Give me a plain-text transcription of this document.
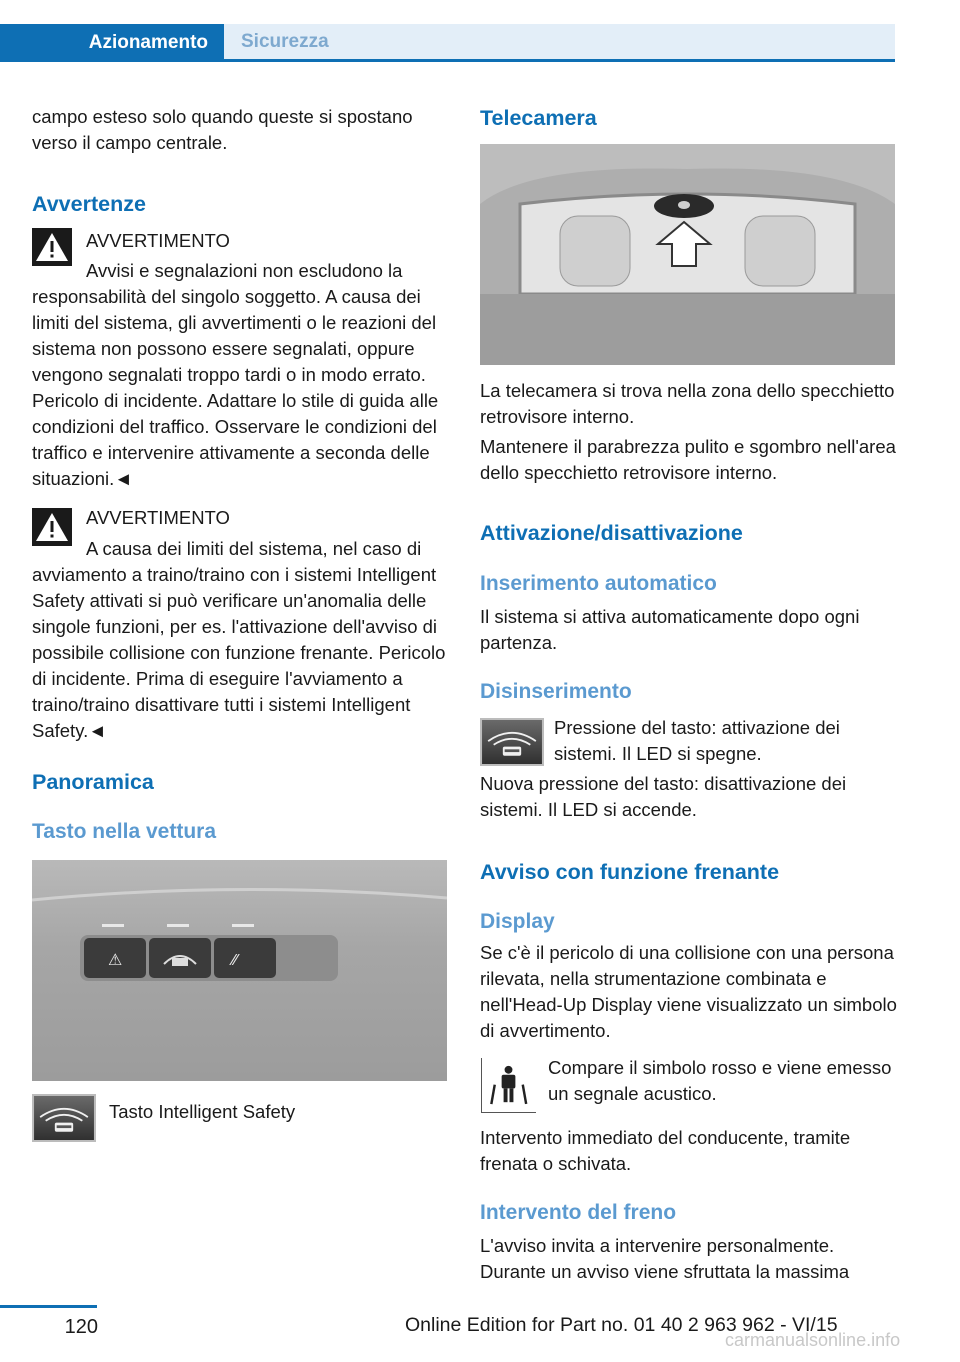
Azionamento	Sicurezza

campo esteso solo quando queste si spostano verso il campo centrale.

Avvertenze
AVVERTIMENTO

Avvisi e segnalazioni non escludono la responsabilità del singolo soggetto. A causa dei limiti del sistema, gli avvertimenti o le reazioni del sistema non possono essere segnalati, oppure vengono segnalati troppo tardi o in modo errato. Pericolo di incidente. Adattare lo stile di guida alle condizioni del traffico. Osservare le condizioni del traffico e intervenire attivamente a seconda delle situazioni.◄

AVVERTIMENTO

A causa dei limiti del sistema, nel caso di avviamento a traino/traino con i sistemi Intelligent Safety attivati si può verificare un'anomalia delle singole funzioni, per es. l'attivazione dell'avviso di possibile collisione con funzione frenante. Pericolo di incidente. Prima di eseguire l'avviamento a traino/traino disattivare tutti i sistemi Intelligent Safety.◄

Panoramica
Tasto nella vettura
⚠	⁄⁄
Tasto Intelligent Safety
Telecamera

La telecamera si trova nella zona dello specchietto retrovisore interno.

Mantenere il parabrezza pulito e sgombro nell'area dello specchietto retrovisore interno.

Attivazione/disattivazione
Inserimento automatico

Il sistema si attiva automaticamente dopo ogni partenza.

Disinserimento

Pressione del tasto: attivazione dei sistemi. Il LED si spegne.

Nuova pressione del tasto: disattivazione dei sistemi. Il LED si accende.

Avviso con funzione frenante
Display

Se c'è il pericolo di una collisione con una persona rilevata, nella strumentazione combinata e nell'Head-Up Display viene visualizzato un simbolo di avvertimento.

Compare il simbolo rosso e viene emesso un segnale acustico.

Intervento immediato del conducente, tramite frenata o schivata.

Intervento del freno

L'avviso invita a intervenire personalmente. Durante un avviso viene sfruttata la massima

120	Online Edition for Part no. 01 40 2 963 962 - VI/15
carmanualsonline.info
